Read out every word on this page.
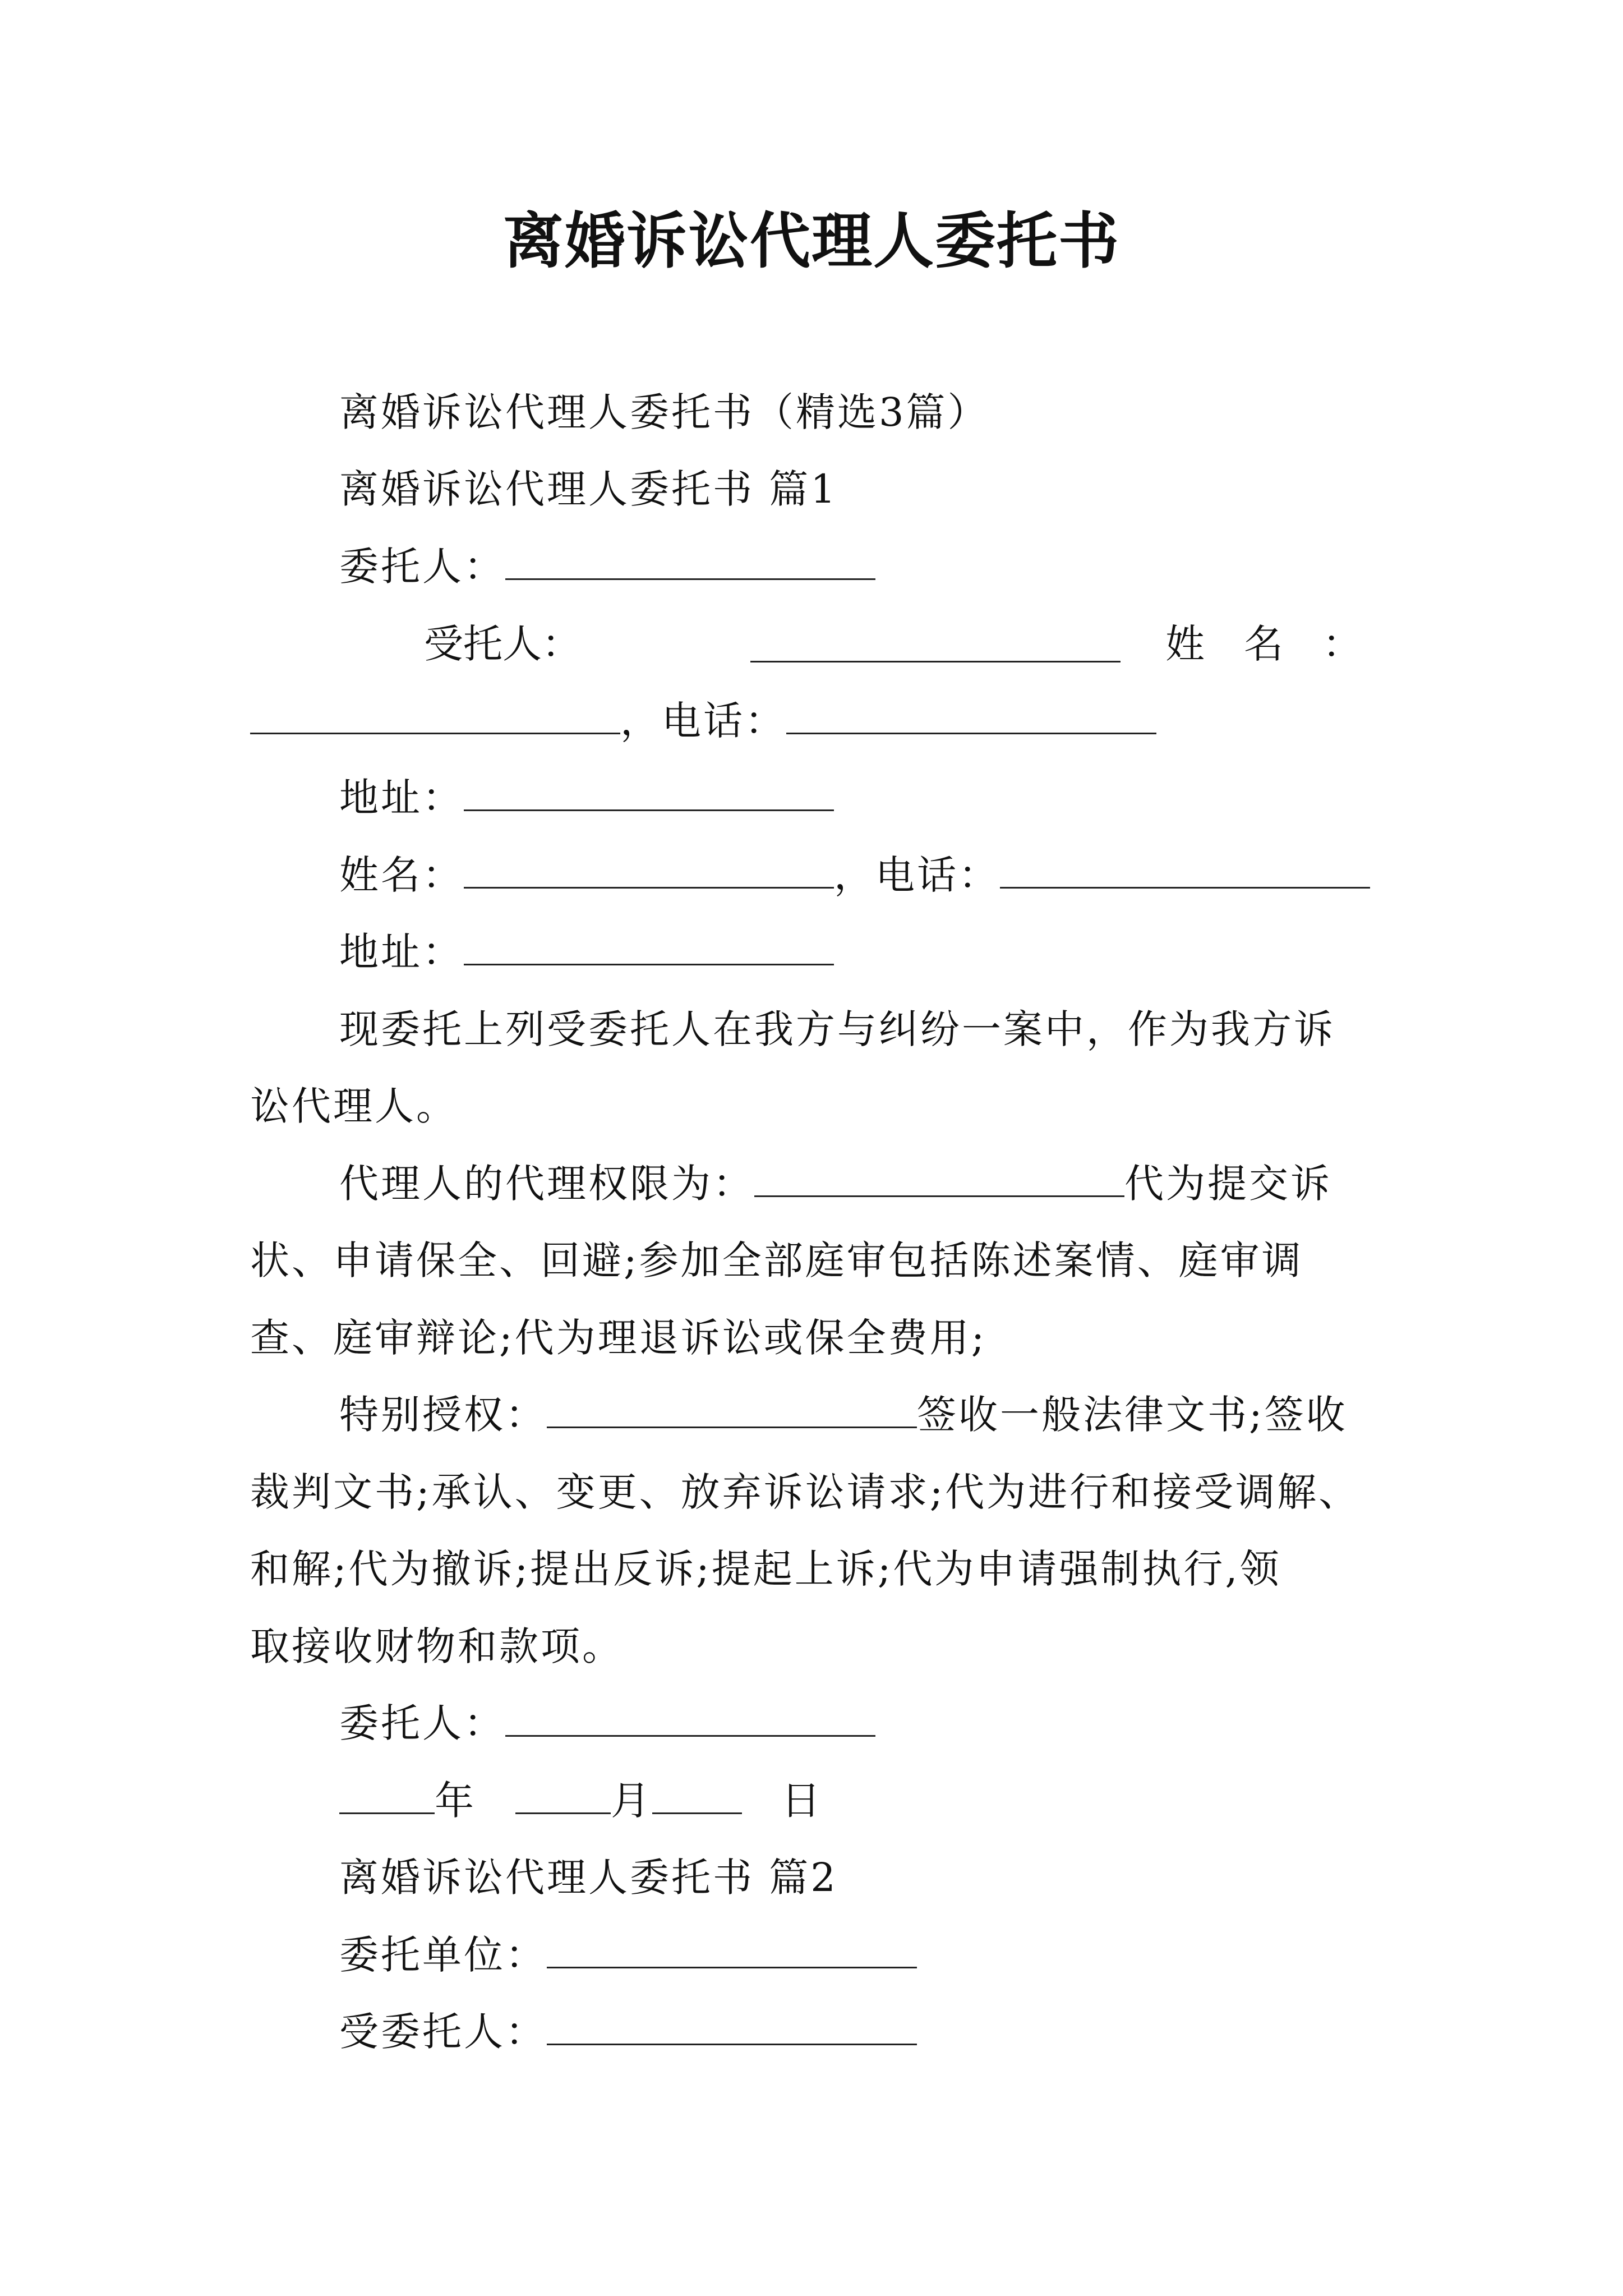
离婚诉讼代理人委托书
离婚诉讼代理人委托书（精选3篇）
离婚诉讼代理人委托书 篇1
委托人：
受托人：	姓　名　：
，电话：
地址：
姓名：	，电话：
地址：
现委托上列受委托人在我方与纠纷一案中，作为我方诉
讼代理人。
代理人的代理权限为：	代为提交诉
状、申请保全、回避;参加全部庭审包括陈述案情、庭审调
查、庭审辩论;代为理退诉讼或保全费用;
特别授权：	签收一般法律文书;签收
裁判文书;承认、变更、放弃诉讼请求;代为进行和接受调解、
和解;代为撤诉;提出反诉;提起上诉;代为申请强制执行,领
取接收财物和款项。
委托人：
年	月	日
离婚诉讼代理人委托书 篇2
委托单位：
受委托人：
